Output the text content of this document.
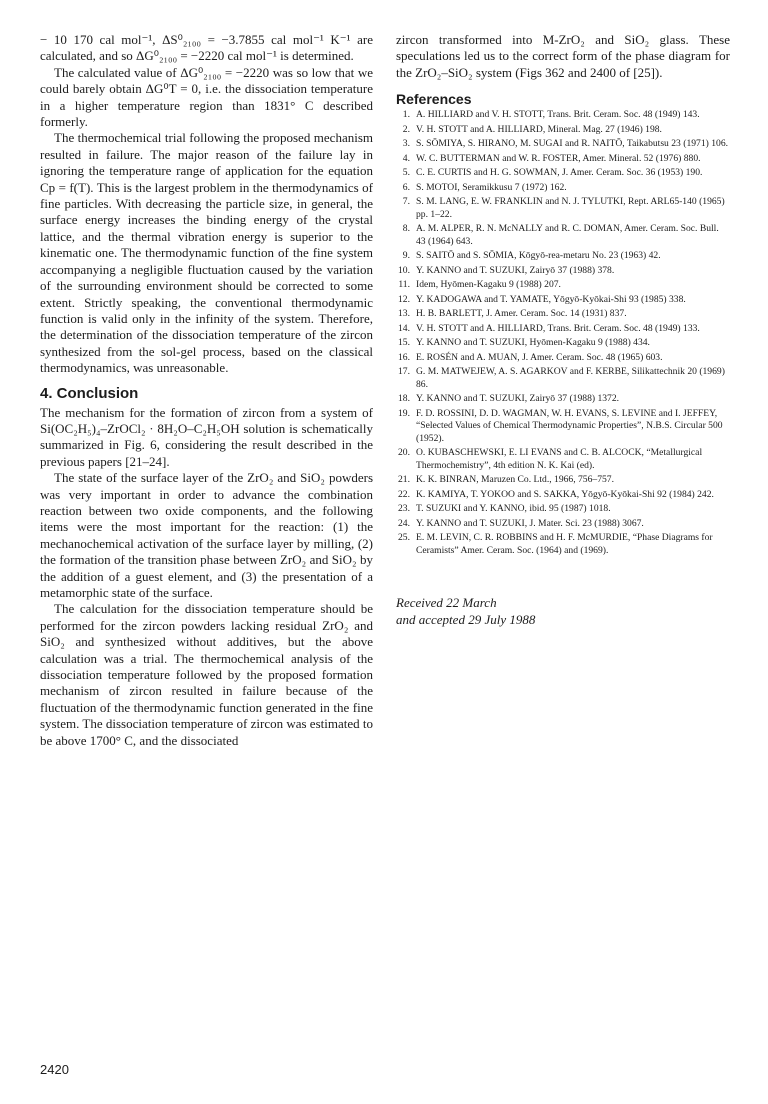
− 10 170 cal mol⁻¹, ΔS⁰₂₁₀₀ = −3.7855 cal mol⁻¹ K⁻¹ are calculated, and so ΔG⁰₂₁₀₀ = −2220 cal mol⁻¹ is determined.

The calculated value of ΔG⁰₂₁₀₀ = −2220 was so low that we could barely obtain ΔG⁰T = 0, i.e. the dissociation temperature in a higher temperature region than 1831° C described formerly.

The thermochemical trial following the proposed mechanism resulted in failure. The major reason of the failure lay in ignoring the temperature range of application for the equation Cp = f(T). This is the largest problem in the thermodynamics of fine particles. With decreasing the particle size, in general, the surface energy increases the binding energy of the crystal lattice, and the thermal vibration energy is superior to the kinematic one. The thermodynamic function of the fine system accompanying a negligible fluctuation caused by the variation of the surrounding environment should be corrected to some extent. Strictly speaking, the conventional thermodynamic function is valid only in the infinity of the system. Therefore, the determination of the dissociation temperature of the zircon synthesized from the sol-gel process, based on the classical thermodynamics, was unreasonable.

4. Conclusion

The mechanism for the formation of zircon from a system of Si(OC₂H₅)₄–ZrOCl₂ · 8H₂O–C₂H₅OH solution is schematically summarized in Fig. 6, considering the result described in the previous papers [21–24].

The state of the surface layer of the ZrO₂ and SiO₂ powders was very important in order to advance the combination reaction between two oxide components, and the following items were the most important for the reaction: (1) the mechanochemical activation of the surface layer by milling, (2) the formation of the transition phase between ZrO₂ and SiO₂ by the addition of a guest element, and (3) the presentation of a metamorphic state of the surface.

The calculation for the dissociation temperature should be performed for the zircon powders lacking residual ZrO₂ and SiO₂ and synthesized without additives, but the above calculation was a trial. The thermochemical analysis of the dissociation temperature followed by the proposed formation mechanism of zircon resulted in failure because of the fluctuation of the thermodynamic function generated in the fine system. The dissociation temperature of zircon was estimated to be above 1700° C, and the dissociated

zircon transformed into M-ZrO₂ and SiO₂ glass. These speculations led us to the correct form of the phase diagram for the ZrO₂–SiO₂ system (Figs 362 and 2400 of [25]).

References
1. A. HILLIARD and V. H. STOTT, Trans. Brit. Ceram. Soc. 48 (1949) 143.
2. V. H. STOTT and A. HILLIARD, Mineral. Mag. 27 (1946) 198.
3. S. SŌMIYA, S. HIRANO, M. SUGAI and R. NAITŌ, Taikabutsu 23 (1971) 106.
4. W. C. BUTTERMAN and W. R. FOSTER, Amer. Mineral. 52 (1976) 880.
5. C. E. CURTIS and H. G. SOWMAN, J. Amer. Ceram. Soc. 36 (1953) 190.
6. S. MOTOI, Seramikkusu 7 (1972) 162.
7. S. M. LANG, E. W. FRANKLIN and N. J. TYLUTKI, Rept. ARL65-140 (1965) pp. 1–22.
8. A. M. ALPER, R. N. McNALLY and R. C. DOMAN, Amer. Ceram. Soc. Bull. 43 (1964) 643.
9. S. SAITŌ and S. SŌMIA, Kōgyō-rea-metaru No. 23 (1963) 42.
10. Y. KANNO and T. SUZUKI, Zairyō 37 (1988) 378.
11. Idem, Hyōmen-Kagaku 9 (1988) 207.
12. Y. KADOGAWA and T. YAMATE, Yōgyō-Kyōkai-Shi 93 (1985) 338.
13. H. B. BARLETT, J. Amer. Ceram. Soc. 14 (1931) 837.
14. V. H. STOTT and A. HILLIARD, Trans. Brit. Ceram. Soc. 48 (1949) 133.
15. Y. KANNO and T. SUZUKI, Hyōmen-Kagaku 9 (1988) 434.
16. E. ROSÉN and A. MUAN, J. Amer. Ceram. Soc. 48 (1965) 603.
17. G. M. MATWEJEW, A. S. AGARKOV and F. KERBE, Silikattechnik 20 (1969) 86.
18. Y. KANNO and T. SUZUKI, Zairyō 37 (1988) 1372.
19. F. D. ROSSINI, D. D. WAGMAN, W. H. EVANS, S. LEVINE and I. JEFFEY, “Selected Values of Chemical Thermodynamic Properties”, N.B.S. Circular 500 (1952).
20. O. KUBASCHEWSKI, E. LI EVANS and C. B. ALCOCK, “Metallurgical Thermochemistry”, 4th edition N. K. Kai (ed).
21. K. K. BINRAN, Maruzen Co. Ltd., 1966, 756–757.
22. K. KAMIYA, T. YOKOO and S. SAKKA, Yōgyō-Kyōkai-Shi 92 (1984) 242.
23. T. SUZUKI and Y. KANNO, ibid. 95 (1987) 1018.
24. Y. KANNO and T. SUZUKI, J. Mater. Sci. 23 (1988) 3067.
25. E. M. LEVIN, C. R. ROBBINS and H. F. McMURDIE, “Phase Diagrams for Ceramists” Amer. Ceram. Soc. (1964) and (1969).
Received 22 March
and accepted 29 July 1988
2420
